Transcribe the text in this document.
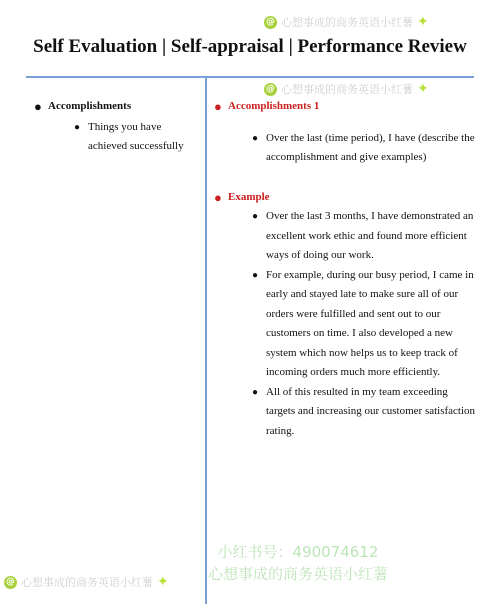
@ 心想事成的商务英语小红薯 ✦
Self Evaluation | Self-appraisal | Performance Review
@ 心想事成的商务英语小红薯 ✦
● Accomplishments
● Things you have achieved successfully
● Accomplishments 1
● Over the last (time period), I have (describe the accomplishment and give examples)
● Example
● Over the last 3 months, I have demonstrated an excellent work ethic and found more efficient ways of doing our work.
● For example, during our busy period, I came in early and stayed late to make sure all of our orders were fulfilled and sent out to our customers on time. I also developed a new system which now helps us to keep track of incoming orders much more efficiently.
● All of this resulted in my team exceeding targets and increasing our customer satisfaction rating.
小红书号：490074612
心想事成的商务英语小红薯
@ 心想事成的商务英语小红薯 ✦
